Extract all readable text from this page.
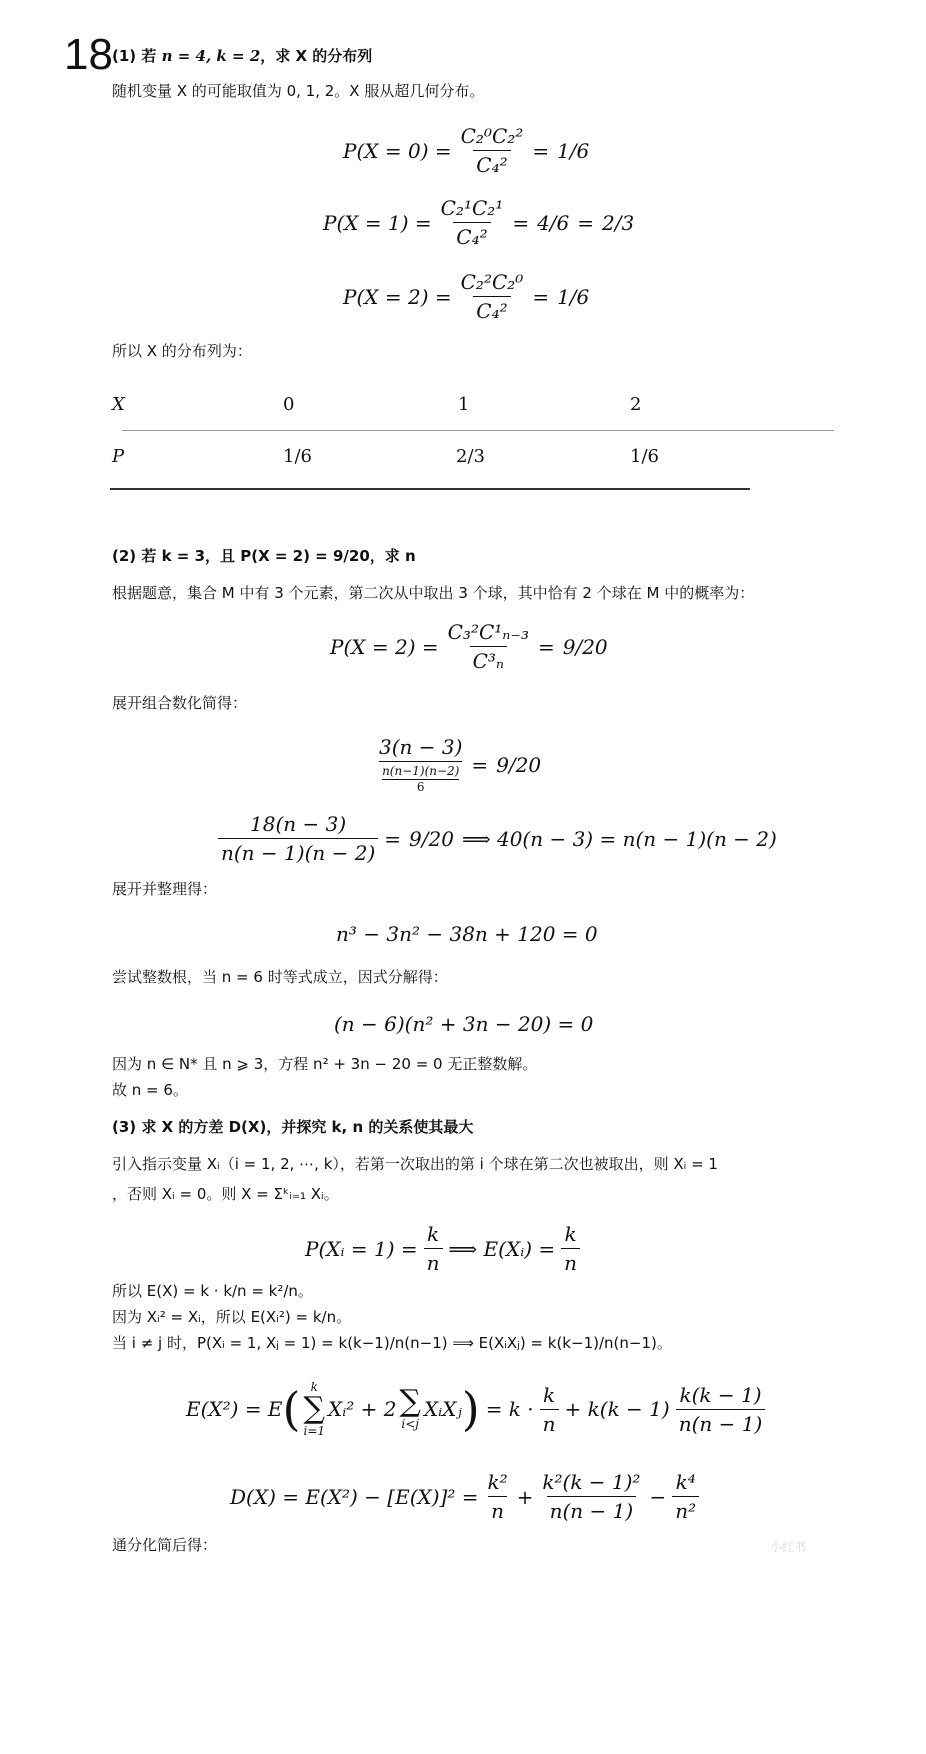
18 (1) 若 n = 4, k = 2，求 X 的分布列
随机变量 X 的可能取值为 0, 1, 2。X 服从超几何分布。
$P(X = 0) = \frac{\text{C₂⁰C₂²}}{\text{C₄²}} = 1/6$
$P(X = 1) = \frac{\text{C₂¹C₂¹}}{\text{C₄²}} = 4/6 = 2/3$
$P(X = 2) = \frac{\text{C₂²C₂⁰}}{\text{C₄²}} = 1/6$
所以 X 的分布列为：
X	0	1	2
P	1/6	2/3	1/6
(2) 若 k = 3，且 P(X = 2) = 9/20，求 n
根据题意，集合 M 中有 3 个元素，第二次从中取出 3 个球，其中恰有 2 个球在 M 中的概率为：
$P(X = 2) = \frac{\text{C₃²C¹ₙ₋₃}}{\text{C³ₙ}} = 9/20$
展开组合数化简得：
3(n − 3)
n(n−1)(n−2)
6 = 9/20
$\frac{18(n - 3)}{n(n - 1)(n - 2)} = 9/20$ ⟹ 40(n − 3) = n(n − 1)(n − 2)
展开并整理得：
n³ − 3n² − 38n + 120 = 0
尝试整数根，当 n = 6 时等式成立，因式分解得：
(n − 6)(n² + 3n − 20) = 0
因为 n ∈ N* 且 n ⩾ 3，方程 n² + 3n − 20 = 0 无正整数解。
故 n = 6。
(3) 求 X 的方差 D(X)，并探究 k, n 的关系使其最大
引入指示变量 Xᵢ（i = 1, 2, ⋯, k），若第一次取出的第 i 个球在第二次也被取出，则 Xᵢ = 1
，否则 Xᵢ = 0。则 X = Σᵏᵢ₌₁ Xᵢ。
P(Xᵢ = $1) = \frac{k}{n}$ ⟹ E(Xᵢ) = $\frac{k}{n}$
所以 E(X) = k · k/n = k²/n。
因为 Xᵢ² = Xᵢ，所以 E(Xᵢ²) = k/n。
当 i ≠ j 时，P(Xᵢ = 1, Xⱼ = 1) = k(k−1)/n(n−1) ⟹ E(XᵢXⱼ) = k(k−1)/n(n−1)。
E(X²) = E ( k
∑
i=1
Xᵢ² + 2 ∑
i<j
XᵢXⱼ ) = $k \cdot \frac{k}{n} + k(k - 1) \frac{k(k - 1)}{n(n - 1)}$
$D(X) = E(X^2) - [E(X)]^2 = \frac{\text{k²}}{n} + \frac{\text{k²(k − 1)²}}{n(n - 1)} - \frac{\text{k⁴}}{\text{n²}}$
通分化简后得：	小红书
